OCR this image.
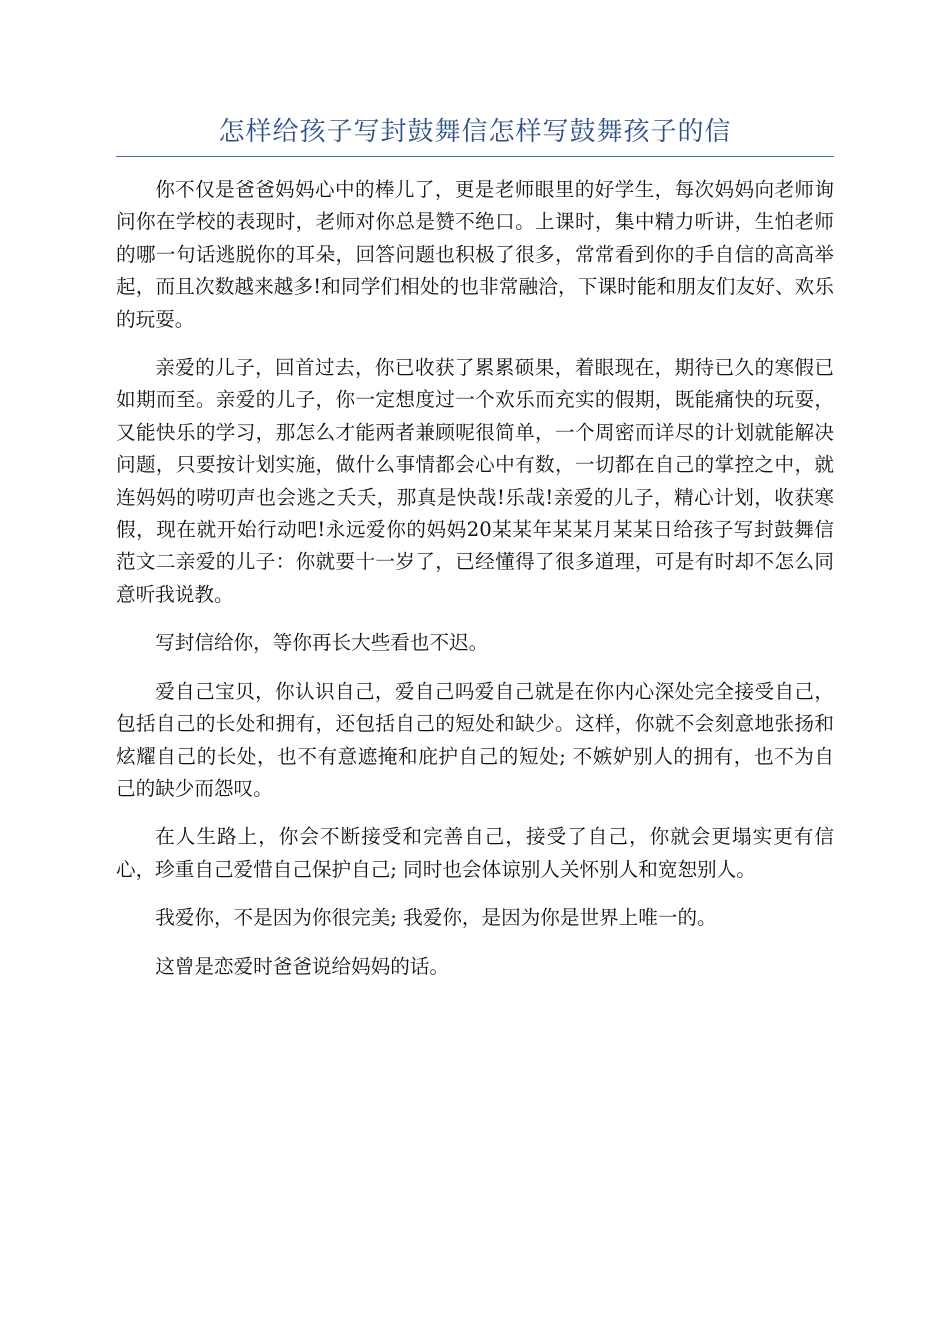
怎样给孩子写封鼓舞信怎样写鼓舞孩子的信

你不仅是爸爸妈妈心中的棒儿了，更是老师眼里的好学生，每次妈妈向老师询问你在学校的表现时，老师对你总是赞不绝口。上课时，集中精力听讲，生怕老师的哪一句话逃脱你的耳朵，回答问题也积极了很多，常常看到你的手自信的高高举起，而且次数越来越多!和同学们相处的也非常融洽，下课时能和朋友们友好、欢乐的玩耍。

亲爱的儿子，回首过去，你已收获了累累硕果，着眼现在，期待已久的寒假已如期而至。亲爱的儿子，你一定想度过一个欢乐而充实的假期，既能痛快的玩耍，又能快乐的学习，那怎么才能两者兼顾呢很简单，一个周密而详尽的计划就能解决问题，只要按计划实施，做什么事情都会心中有数，一切都在自己的掌控之中，就连妈妈的唠叨声也会逃之夭夭，那真是快哉!乐哉!亲爱的儿子，精心计划，收获寒假，现在就开始行动吧!永远爱你的妈妈20某某年某某月某某日给孩子写封鼓舞信范文二亲爱的儿子：你就要十一岁了，已经懂得了很多道理，可是有时却不怎么同意听我说教。

写封信给你，等你再长大些看也不迟。

爱自己宝贝，你认识自己，爱自己吗爱自己就是在你内心深处完全接受自己，包括自己的长处和拥有，还包括自己的短处和缺少。这样，你就不会刻意地张扬和炫耀自己的长处，也不有意遮掩和庇护自己的短处; 不嫉妒别人的拥有，也不为自己的缺少而怨叹。

在人生路上，你会不断接受和完善自己，接受了自己，你就会更塌实更有信心，珍重自己爱惜自己保护自己; 同时也会体谅别人关怀别人和宽恕别人。

我爱你，不是因为你很完美; 我爱你，是因为你是世界上唯一的。

这曾是恋爱时爸爸说给妈妈的话。
